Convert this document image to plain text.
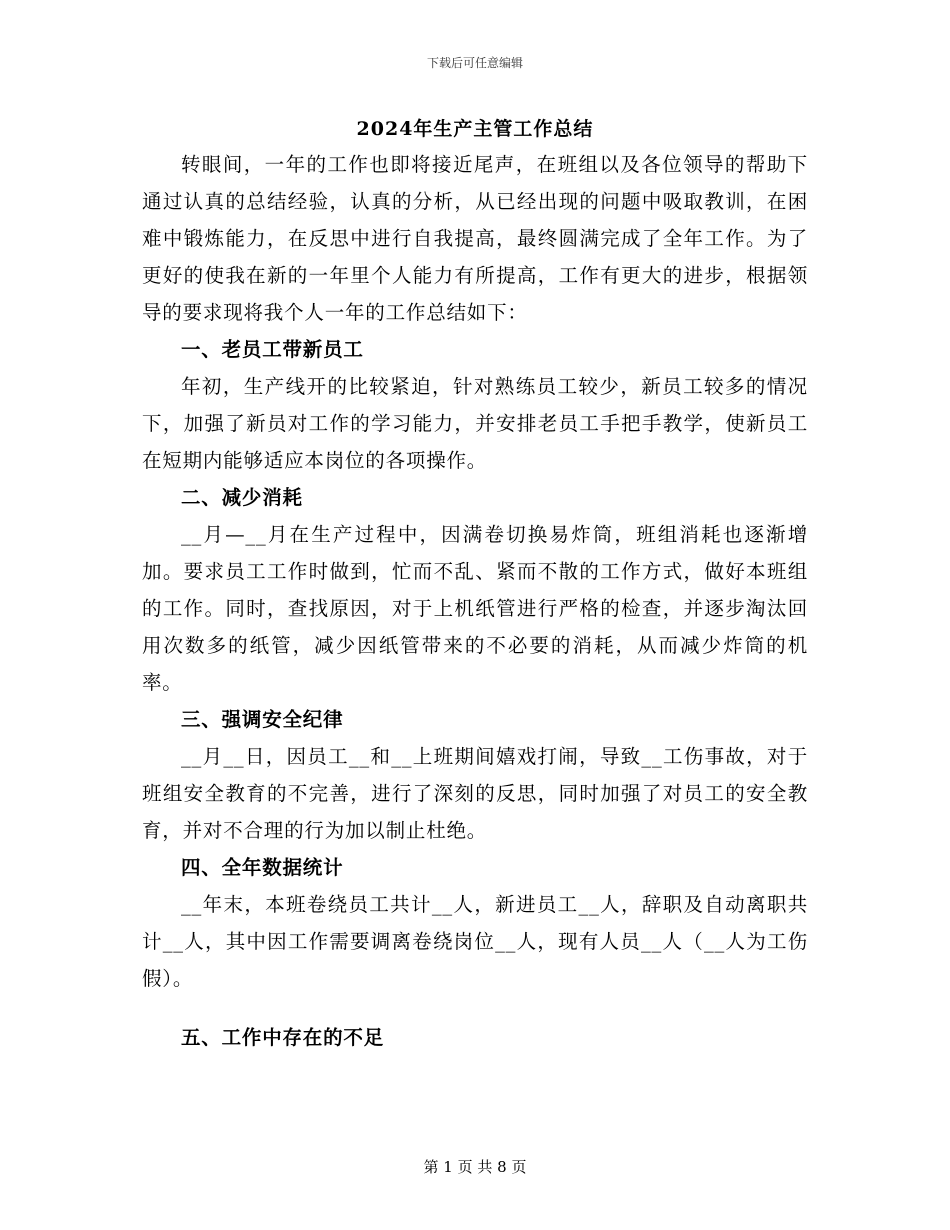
下载后可任意编辑
2024年生产主管工作总结

转眼间，一年的工作也即将接近尾声，在班组以及各位领导的帮助下通过认真的总结经验，认真的分析，从已经出现的问题中吸取教训，在困难中锻炼能力，在反思中进行自我提高，最终圆满完成了全年工作。为了更好的使我在新的一年里个人能力有所提高，工作有更大的进步，根据领导的要求现将我个人一年的工作总结如下：

一、老员工带新员工

年初，生产线开的比较紧迫，针对熟练员工较少，新员工较多的情况下，加强了新员对工作的学习能力，并安排老员工手把手教学，使新员工在短期内能够适应本岗位的各项操作。

二、减少消耗

__月—__月在生产过程中，因满卷切换易炸筒，班组消耗也逐渐增加。要求员工工作时做到，忙而不乱、紧而不散的工作方式，做好本班组的工作。同时，查找原因，对于上机纸管进行严格的检查，并逐步淘汰回用次数多的纸管，减少因纸管带来的不必要的消耗，从而减少炸筒的机率。

三、强调安全纪律

__月__日，因员工__和__上班期间嬉戏打闹，导致__工伤事故，对于班组安全教育的不完善，进行了深刻的反思，同时加强了对员工的安全教育，并对不合理的行为加以制止杜绝。

四、全年数据统计

__年末，本班卷绕员工共计__人，新进员工__人，辞职及自动离职共计__人，其中因工作需要调离卷绕岗位__人，现有人员__人（__人为工伤假）。

五、工作中存在的不足

第 1 页 共 8 页
